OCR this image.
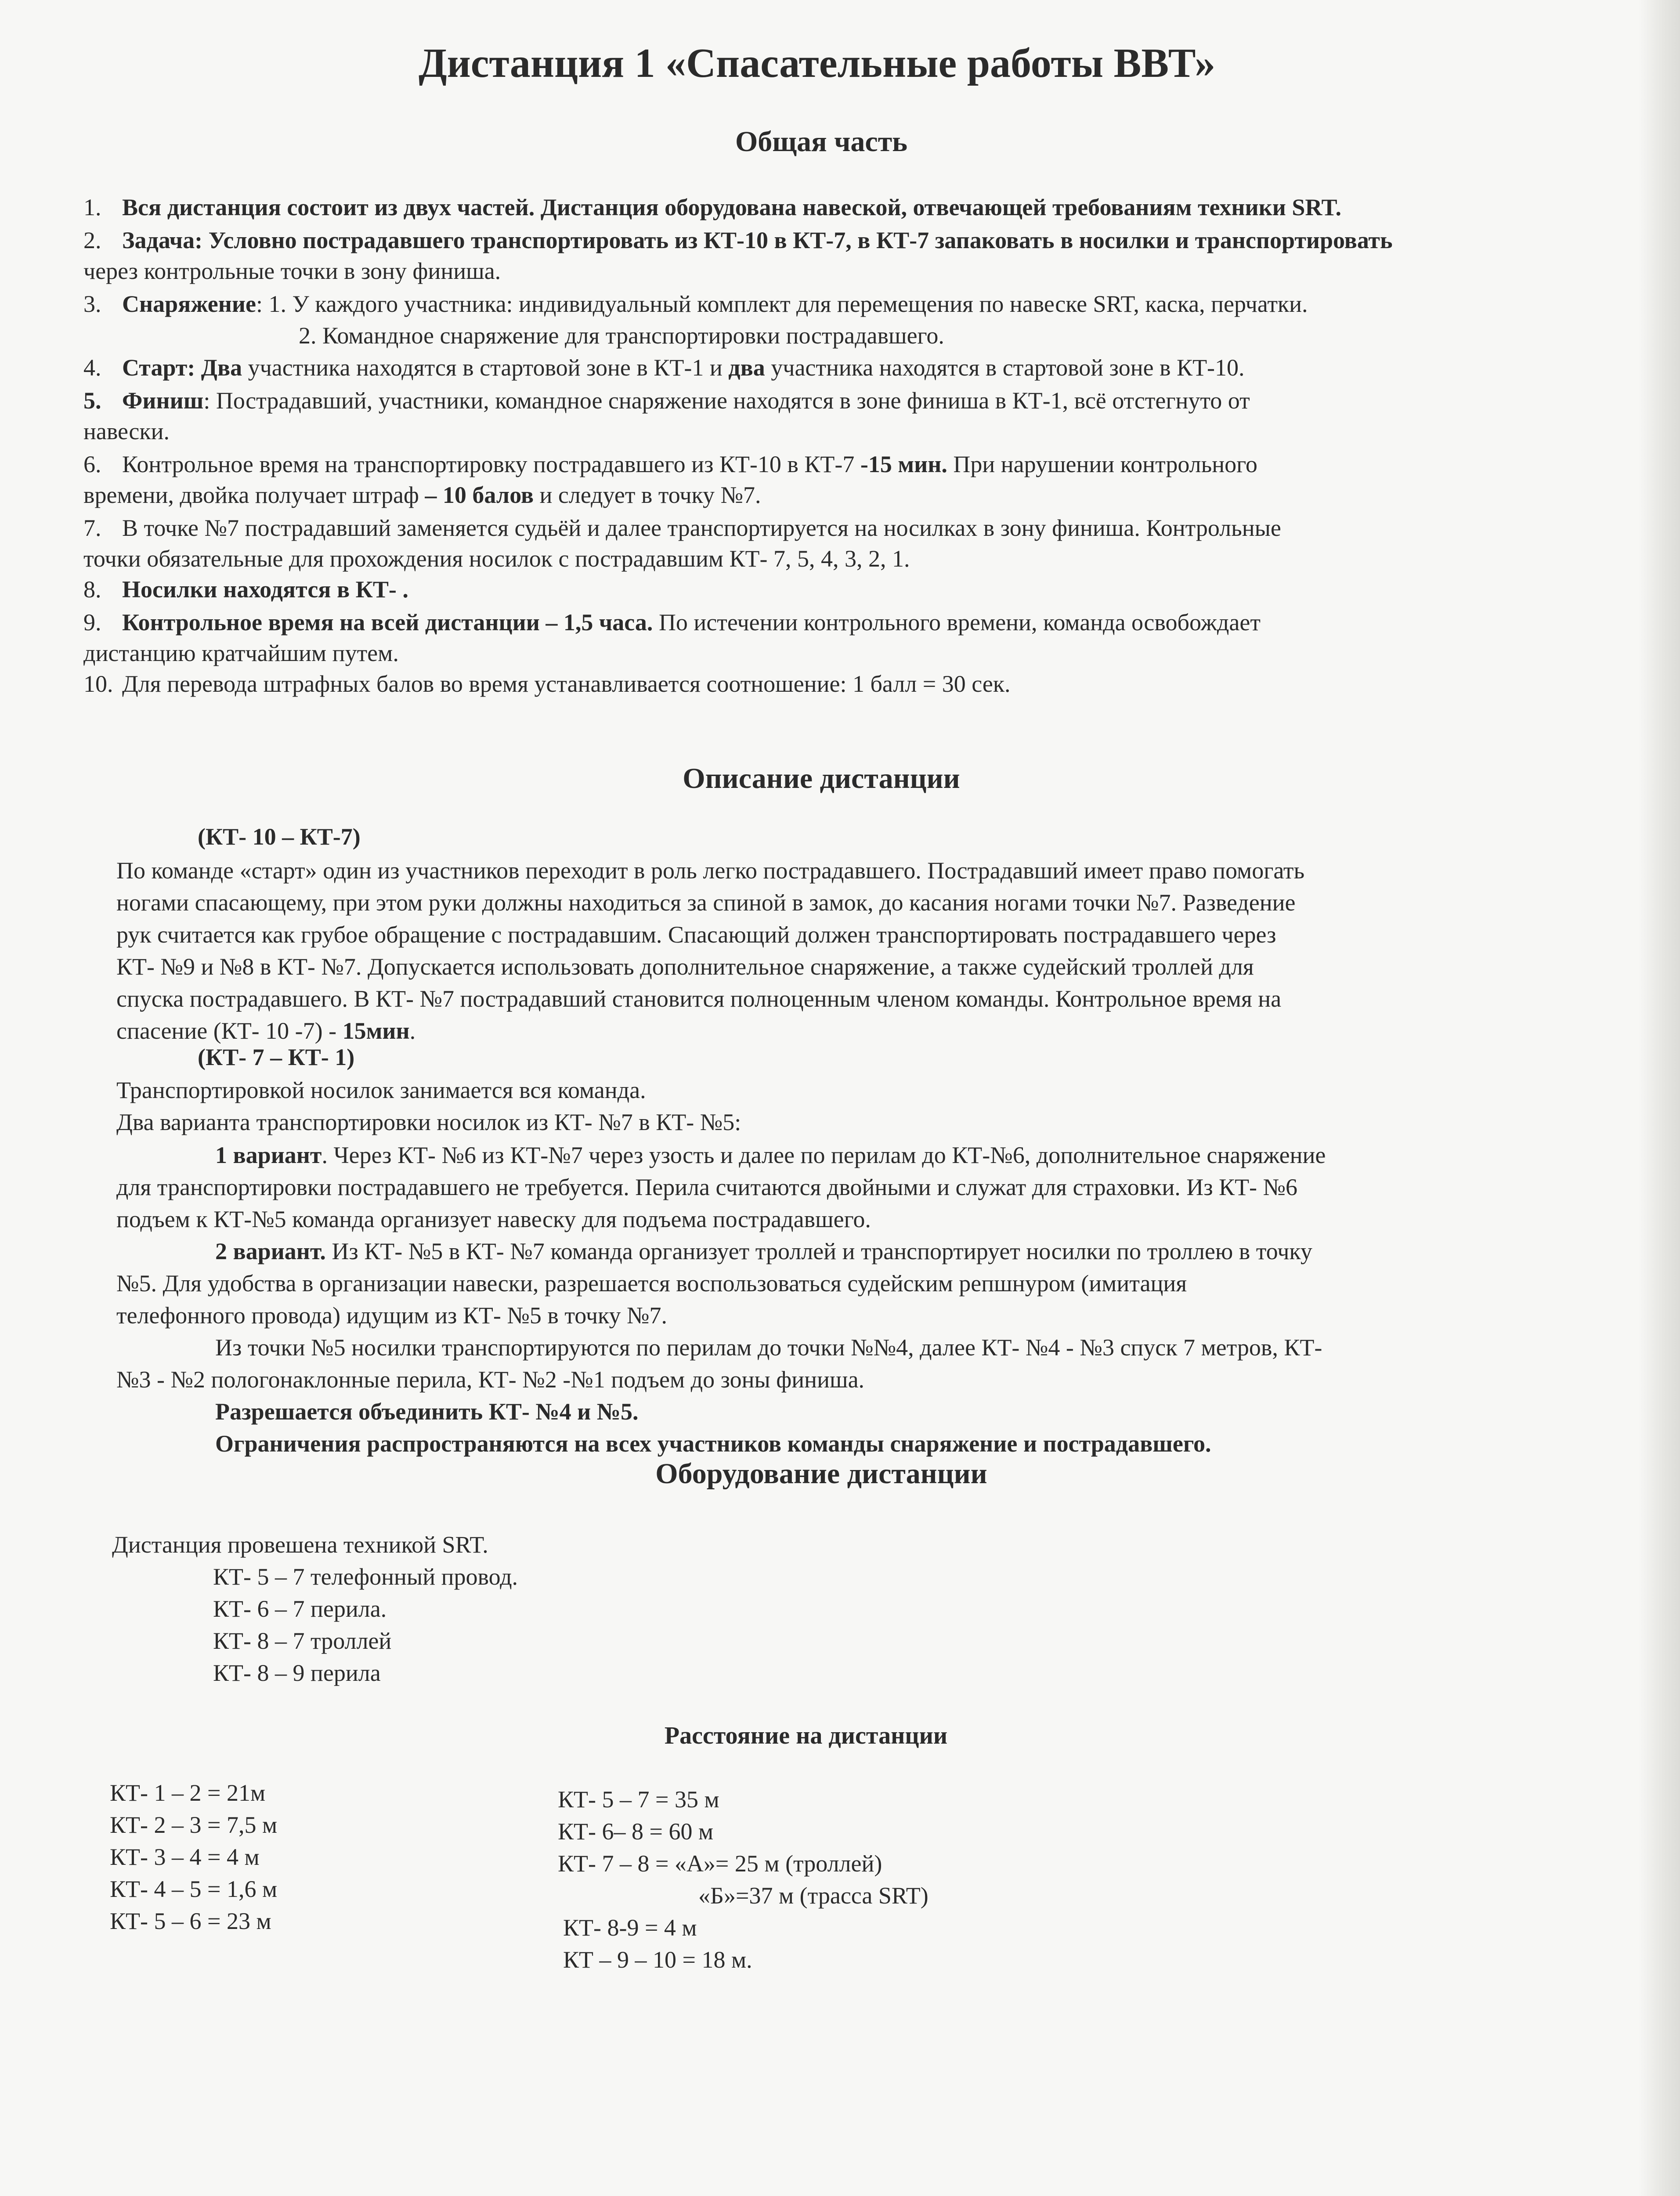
Дистанция 1 «Спасательные работы ВВТ»
Общая часть
1. Вся дистанция состоит из двух частей. Дистанция оборудована навеской, отвечающей требованиям техники SRT.
2. Задача: Условно пострадавшего транспортировать из КТ-10 в КТ-7, в КТ-7 запаковать в носилки и транспортировать
через контрольные точки в зону финиша.
3. Снаряжение: 1. У каждого участника: индивидуальный комплект для перемещения по навеске SRT, каска, перчатки.
2. Командное снаряжение для транспортировки пострадавшего.
4. Старт: Два участника находятся в стартовой зоне в КТ-1 и два участника находятся в стартовой зоне в КТ-10.
5. Финиш: Пострадавший, участники, командное снаряжение находятся в зоне финиша в КТ-1, всё отстегнуто от
навески.
6. Контрольное время на транспортировку пострадавшего из КТ-10 в КТ-7 -15 мин. При нарушении контрольного
времени, двойка получает штраф – 10 балов и следует в точку №7.
7. В точке №7 пострадавший заменяется судьёй и далее транспортируется на носилках в зону финиша. Контрольные
точки обязательные для прохождения носилок с пострадавшим КТ- 7, 5, 4, 3, 2, 1.
8. Носилки находятся в КТ- .
9. Контрольное время на всей дистанции – 1,5 часа. По истечении контрольного времени, команда освобождает
дистанцию кратчайшим путем.
10. Для перевода штрафных балов во время устанавливается соотношение: 1 балл = 30 сек.
Описание дистанции
(КТ- 10 – КТ-7)
По команде «старт» один из участников переходит в роль легко пострадавшего. Пострадавший имеет право помогать
ногами спасающему, при этом руки должны находиться за спиной в замок, до касания ногами точки №7. Разведение
рук считается как грубое обращение с пострадавшим. Спасающий должен транспортировать пострадавшего через
КТ- №9 и №8 в КТ- №7. Допускается использовать дополнительное снаряжение, а также судейский троллей для
спуска пострадавшего. В КТ- №7 пострадавший становится полноценным членом команды. Контрольное время на
спасение (КТ- 10 -7) - 15мин.
(КТ- 7 – КТ- 1)
Транспортировкой носилок занимается вся команда.
Два варианта транспортировки носилок из КТ- №7 в КТ- №5:
1 вариант. Через КТ- №6 из КТ-№7 через узость и далее по перилам до КТ-№6, дополнительное снаряжение
для транспортировки пострадавшего не требуется. Перила считаются двойными и служат для страховки. Из КТ- №6
подъем к КТ-№5 команда организует навеску для подъема пострадавшего.
2 вариант. Из КТ- №5 в КТ- №7 команда организует троллей и транспортирует носилки по троллею в точку
№5. Для удобства в организации навески, разрешается воспользоваться судейским репшнуром (имитация
телефонного провода) идущим из КТ- №5 в точку №7.
Из точки №5 носилки транспортируются по перилам до точки №№4, далее КТ- №4 - №3 спуск 7 метров, КТ-
№3 - №2 пологонаклонные перила, КТ- №2 -№1 подъем до зоны финиша.
Разрешается объединить КТ- №4 и №5.
Ограничения распространяются на всех участников команды снаряжение и пострадавшего.
Оборудование дистанции
Дистанция провешена техникой SRT.
КТ- 5 – 7 телефонный провод.
КТ- 6 – 7 перила.
КТ- 8 – 7 троллей
КТ- 8 – 9 перила
Расстояние на дистанции
КТ- 1 – 2 = 21м
КТ- 2 – 3 = 7,5 м
КТ- 3 – 4 = 4 м
КТ- 4 – 5 = 1,6 м
КТ- 5 – 6 = 23 м
КТ- 5 – 7 = 35 м
КТ- 6– 8 = 60 м
КТ- 7 – 8 = «А»= 25 м (троллей)
«Б»=37 м (трасса SRT)
КТ- 8-9 = 4 м
КТ – 9 – 10 = 18 м.
